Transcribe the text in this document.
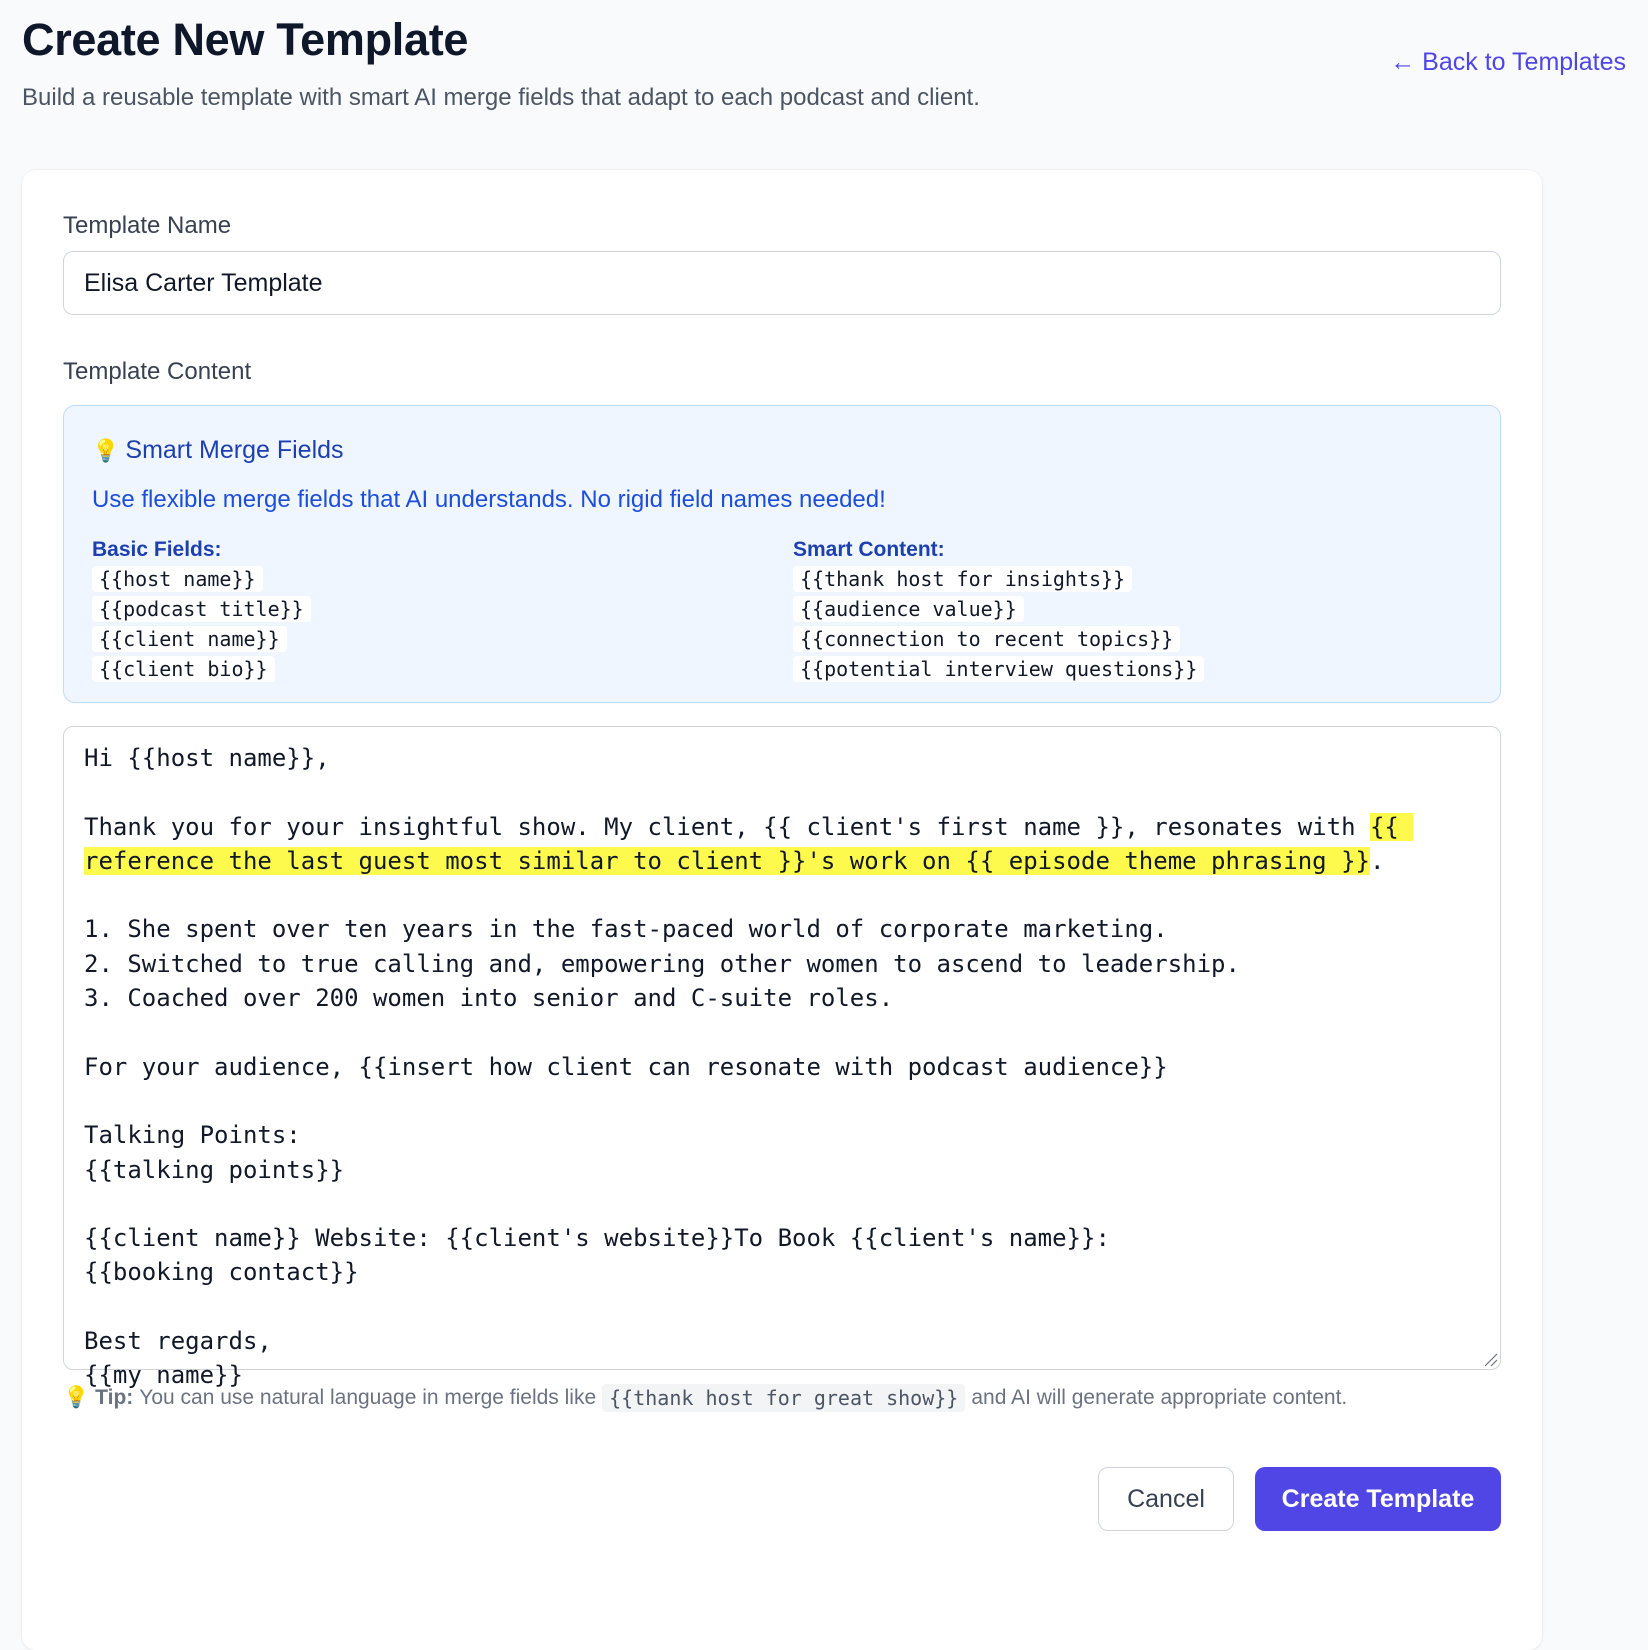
Create New Template
Build a reusable template with smart AI merge fields that adapt to each podcast and client.
← Back to Templates
Template Name
Elisa Carter Template
Template Content
💡 Smart Merge Fields
Use flexible merge fields that AI understands. No rigid field names needed!
Basic Fields:
{{host name}}
{{podcast title}}
{{client name}}
{{client bio}}
Smart Content:
{{thank host for insights}}
{{audience value}}
{{connection to recent topics}}
{{potential interview questions}}
Hi {{host name}},

Thank you for your insightful show. My client, {{ client's first name }}, resonates with {{ reference the last guest most similar to client }}'s work on {{ episode theme phrasing }}.

1. She spent over ten years in the fast-paced world of corporate marketing.
2. Switched to true calling and, empowering other women to ascend to leadership.
3. Coached over 200 women into senior and C-suite roles.

For your audience, {{insert how client can resonate with podcast audience}}

Talking Points:
{{talking points}}

{{client name}} Website: {{client's website}}To Book {{client's name}}:
{{booking contact}}

Best regards,
{{my name}}
💡 Tip: You can use natural language in merge fields like {{thank host for great show}} and AI will generate appropriate content.
Cancel	Create Template
